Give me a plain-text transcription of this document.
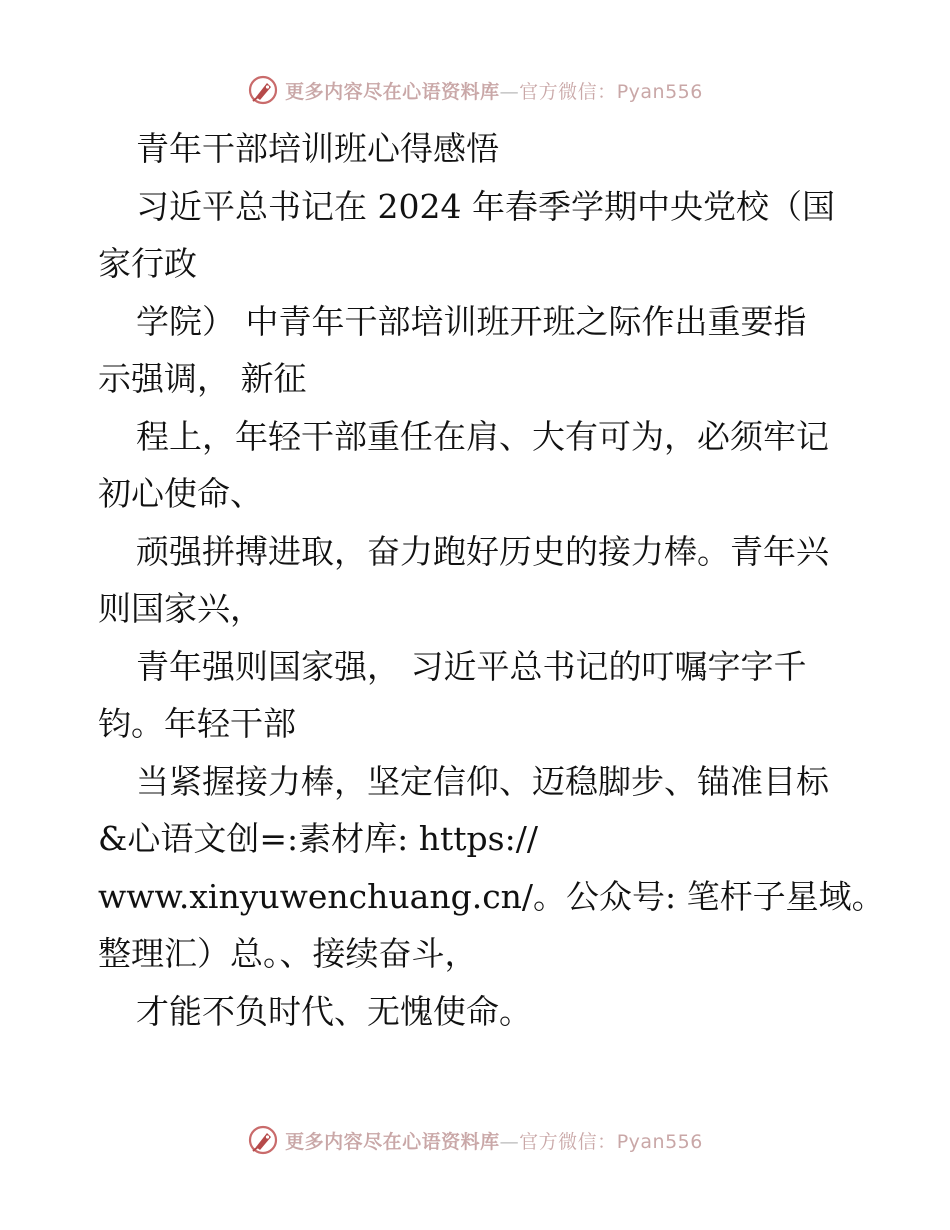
更多内容尽在心语资料库—官方微信：Pyan556

青年干部培训班心得感悟

习近平总书记在 2024 年春季学期中央党校（国

家行政

学院） 中青年干部培训班开班之际作出重要指

示强调， 新征

程上，年轻干部重任在肩、大有可为，必须牢记

初心使命、

顽强拼搏进取，奋力跑好历史的接力棒。青年兴

则国家兴，

青年强则国家强， 习近平总书记的叮嘱字字千

钧。年轻干部

当紧握接力棒，坚定信仰、迈稳脚步、锚准目标

&心语文创=:素材库: https://

www.xinyuwenchuang.cn/。公众号: 笔杆子星域。

整理汇）总。、接续奋斗，

才能不负时代、无愧使命。

更多内容尽在心语资料库—官方微信：Pyan556
